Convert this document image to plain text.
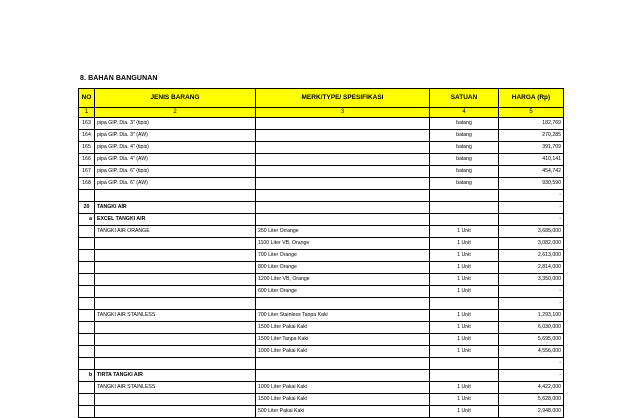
8. BAHAN BANGUNAN
NO	JENIS BARANG	MERK/TYPE/ SPESIFIKASI	SATUAN	HARGA (Rp)
1	2	3	4	5
163	pipa GIP. Dia. 3" (tipis)		batang	182,769
164	pipa GIP. Dia. 3" (AW)		batang	270,285
165	pipa GIP. Dia. 4" (tipis)		batang	391,709
166	pipa GIP. Dia. 4" (AW)		batang	410,141
167	pipa GIP. Dia. 6" (tipis)		batang	454,742
168	pipa GIP. Dia. 6" (AW)		batang	930,590
				-
20	TANGKI AIR			-
a	EXCEL TANGKI AIR			-
	TANGKI AIR ORANGE	250 Liter Orrange	1 Unit	3,685,000
		1100 Liter VB, Orange	1 Unit	3,082,000
		700 Liter Orange	1 Unit	2,613,000
		800 Liter Orange	1 Unit	2,814,000
		1200 Liter VB, Orange	1 Unit	3,350,000
		600 Liter Orange	1 Unit	-
				-
	TANGKI AIR STAINLESS	700 Liter Stainless Tanpa Kaki	1 Unit	1,293,100
		1500 Liter Pakai Kaki	1 Unit	6,030,000
		1500 Liter Tanpa Kaki	1 Unit	5,695,000
		1000 Liter Pakai Kaki	1 Unit	4,556,000
				-
b	TIRTA TANGKI AIR			-
	TANGKI AIR STAINLESS	1000 Liter Pakai Kaki	1 Unit	4,422,000
		1500 Liter Pakai Kaki	1 Unit	5,628,000
		500 Liter Pakai Kaki	1 Unit	2,948,000
